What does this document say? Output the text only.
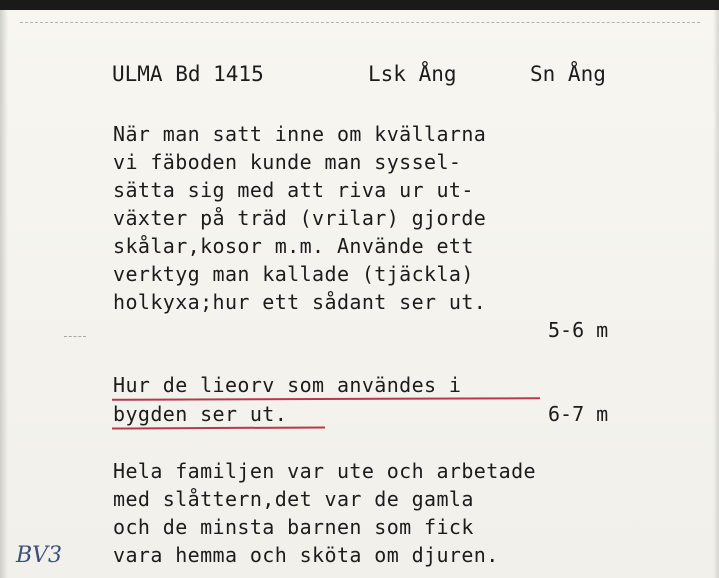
ULMA Bd 1415	Lsk Ång	Sn Ång
När man satt inne om kvällarna
vi fäboden kunde man syssel-
sätta sig med att riva ur ut-
växter på träd (vrilar) gjorde
skålar,kosor m.m. Använde ett
verktyg man kallade (tjäckla)
holkyxa;hur ett sådant ser ut.
5-6 m
Hur de lieorv som användes i
bygden ser ut.	6-7 m
Hela familjen var ute och arbetade
med slåttern,det var de gamla
och de minsta barnen som fick
vara hemma och sköta om djuren.
BV3
